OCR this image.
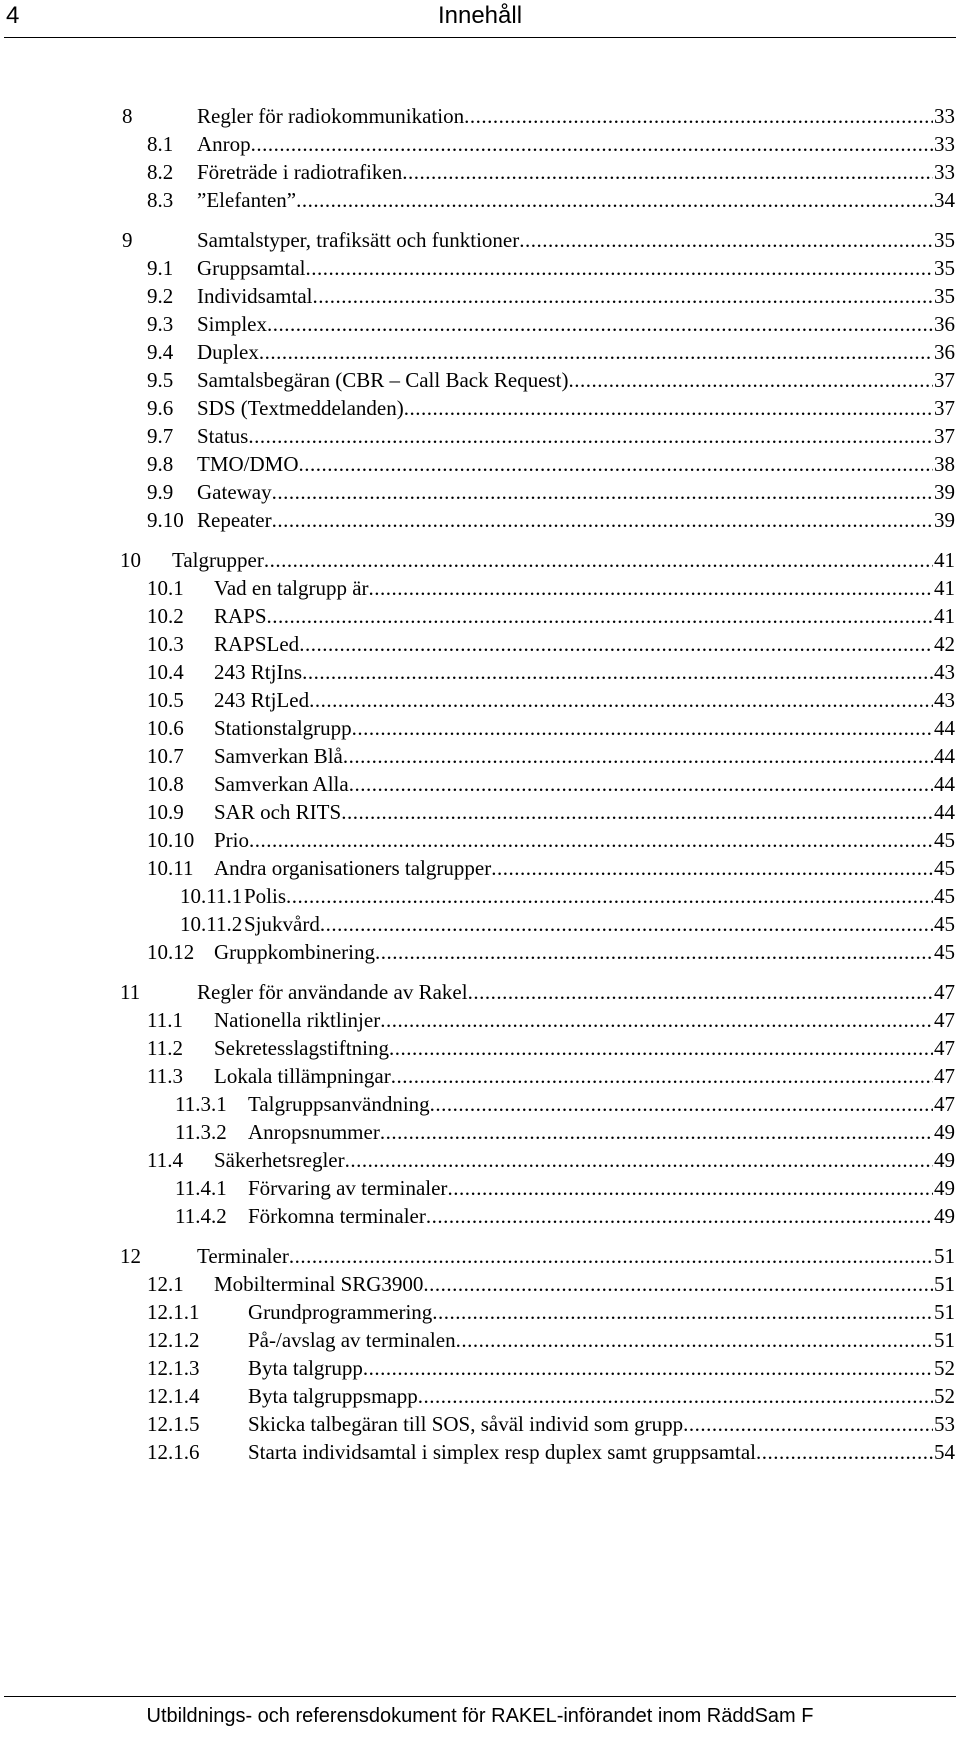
4	Innehåll
8	Regler för radiokommunikation .....	33
8.1 Anrop .....	33
8.2 Företräde i radiotrafiken .....	33
8.3 ”Elefanten” .....	34
9	Samtalstyper, trafiksätt och funktioner .....	35
9.1 Gruppsamtal .....	35
9.2 Individsamtal .....	35
9.3 Simplex .....	36
9.4 Duplex .....	36
9.5 Samtalsbegäran (CBR – Call Back Request) .....	37
9.6 SDS (Textmeddelanden) .....	37
9.7 Status .....	37
9.8 TMO/DMO .....	38
9.9 Gateway .....	39
9.10 Repeater .....	39
10 Talgrupper .....	41
10.1 Vad en talgrupp är .....	41
10.2 RAPS .....	41
10.3 RAPSLed .....	42
10.4 243 RtjIns .....	43
10.5 243 RtjLed .....	43
10.6 Stationstalgrupp .....	44
10.7 Samverkan Blå .....	44
10.8 Samverkan Alla .....	44
10.9 SAR och RITS .....	44
10.10 Prio .....	45
10.11 Andra organisationers talgrupper .....	45
10.11.1 Polis .....	45
10.11.2 Sjukvård .....	45
10.12 Gruppkombinering .....	45
11	Regler för användande av Rakel .....	47
11.1 Nationella riktlinjer .....	47
11.2 Sekretesslagstiftning .....	47
11.3 Lokala tillämpningar .....	47
11.3.1 Talgruppsanvändning .....	47
11.3.2 Anropsnummer .....	49
11.4 Säkerhetsregler .....	49
11.4.1 Förvaring av terminaler .....	49
11.4.2 Förkomna terminaler .....	49
12	Terminaler .....	51
12.1 Mobilterminal SRG3900 .....	51
12.1.1 Grundprogrammering .....	51
12.1.2 På-/avslag av terminalen .....	51
12.1.3 Byta talgrupp .....	52
12.1.4 Byta talgruppsmapp .....	52
12.1.5 Skicka talbegäran till SOS, såväl individ som grupp .....	53
12.1.6 Starta individsamtal i simplex resp duplex samt gruppsamtal .....	54
Utbildnings- och referensdokument för RAKEL-införandet inom RäddSam F
